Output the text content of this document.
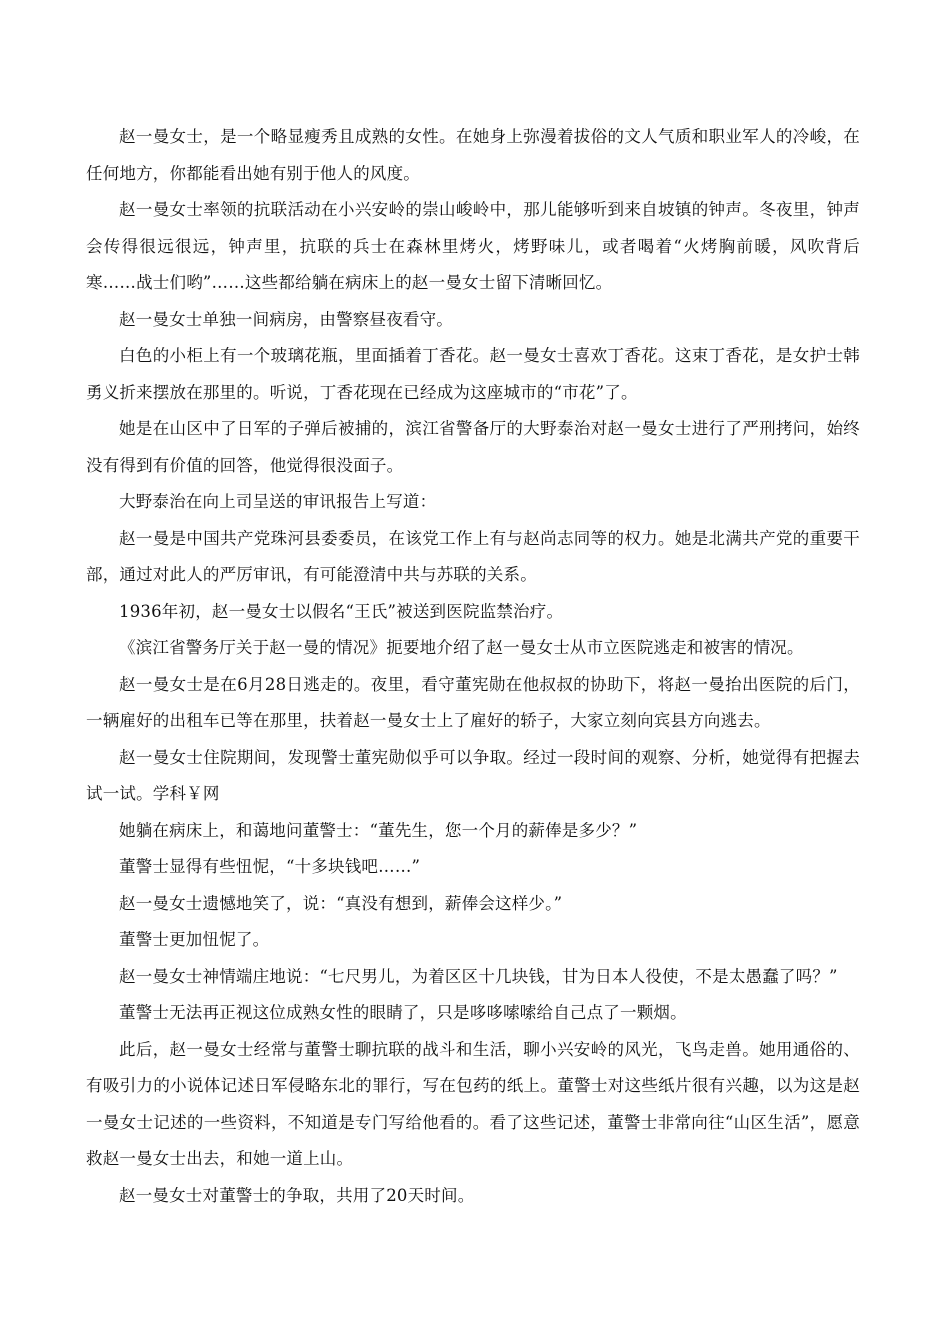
赵一曼女士，是一个略显瘦秀且成熟的女性。在她身上弥漫着拔俗的文人气质和职业军人的冷峻，在任何地方，你都能看出她有别于他人的风度。

赵一曼女士率领的抗联活动在小兴安岭的崇山峻岭中，那儿能够听到来自坡镇的钟声。冬夜里，钟声会传得很远很远，钟声里，抗联的兵士在森林里烤火，烤野味儿，或者喝着“火烤胸前暖，风吹背后寒……战士们哟”……这些都给躺在病床上的赵一曼女士留下清晰回忆。

赵一曼女士单独一间病房，由警察昼夜看守。

白色的小柜上有一个玻璃花瓶，里面插着丁香花。赵一曼女士喜欢丁香花。这束丁香花，是女护士韩勇义折来摆放在那里的。听说，丁香花现在已经成为这座城市的“市花”了。

她是在山区中了日军的子弹后被捕的，滨江省警备厅的大野泰治对赵一曼女士进行了严刑拷问，始终没有得到有价值的回答，他觉得很没面子。

大野泰治在向上司呈送的审讯报告上写道：

赵一曼是中国共产党珠河县委委员，在该党工作上有与赵尚志同等的权力。她是北满共产党的重要干部，通过对此人的严厉审讯，有可能澄清中共与苏联的关系。

1936年初，赵一曼女士以假名“王氏”被送到医院监禁治疗。

《滨江省警务厅关于赵一曼的情况》扼要地介绍了赵一曼女士从市立医院逃走和被害的情况。

赵一曼女士是在6月28日逃走的。夜里，看守董宪勋在他叔叔的协助下，将赵一曼抬出医院的后门，一辆雇好的出租车已等在那里，扶着赵一曼女士上了雇好的轿子，大家立刻向宾县方向逃去。

赵一曼女士住院期间，发现警士董宪勋似乎可以争取。经过一段时间的观察、分析，她觉得有把握去试一试。学科￥网

她躺在病床上，和蔼地问董警士：“董先生，您一个月的薪俸是多少？”

董警士显得有些忸怩，“十多块钱吧……”

赵一曼女士遗憾地笑了，说：“真没有想到，薪俸会这样少。”

董警士更加忸怩了。

赵一曼女士神情端庄地说：“七尺男儿，为着区区十几块钱，甘为日本人役使，不是太愚蠢了吗？”

董警士无法再正视这位成熟女性的眼睛了，只是哆哆嗦嗦给自己点了一颗烟。

此后，赵一曼女士经常与董警士聊抗联的战斗和生活，聊小兴安岭的风光，飞鸟走兽。她用通俗的、有吸引力的小说体记述日军侵略东北的罪行，写在包药的纸上。董警士对这些纸片很有兴趣，以为这是赵一曼女士记述的一些资料，不知道是专门写给他看的。看了这些记述，董警士非常向往“山区生活”，愿意救赵一曼女士出去，和她一道上山。

赵一曼女士对董警士的争取，共用了20天时间。
